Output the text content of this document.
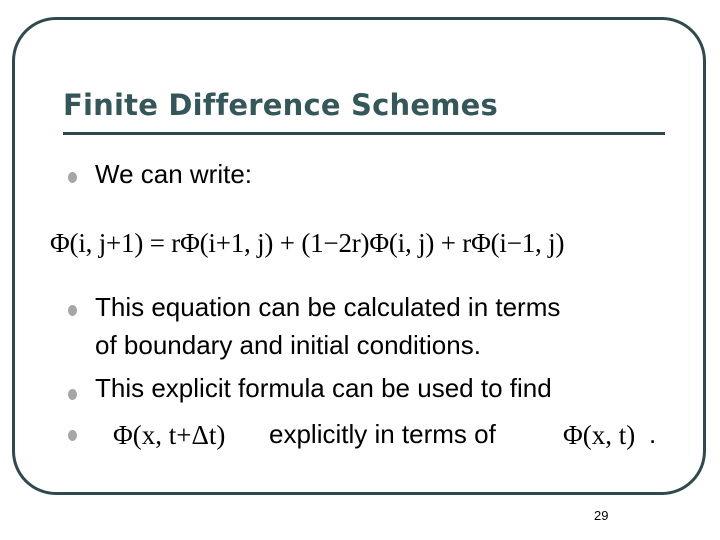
Finite Difference Schemes
We can write:
Φ(i, j+1) = rΦ(i+1, j) + (1−2r)Φ(i, j) + rΦ(i−1, j)
This equation can be calculated in terms
of boundary and initial conditions.
This explicit formula can be used to find
Φ(x, t+Δt) explicitly in terms of Φ(x, t) .
29
